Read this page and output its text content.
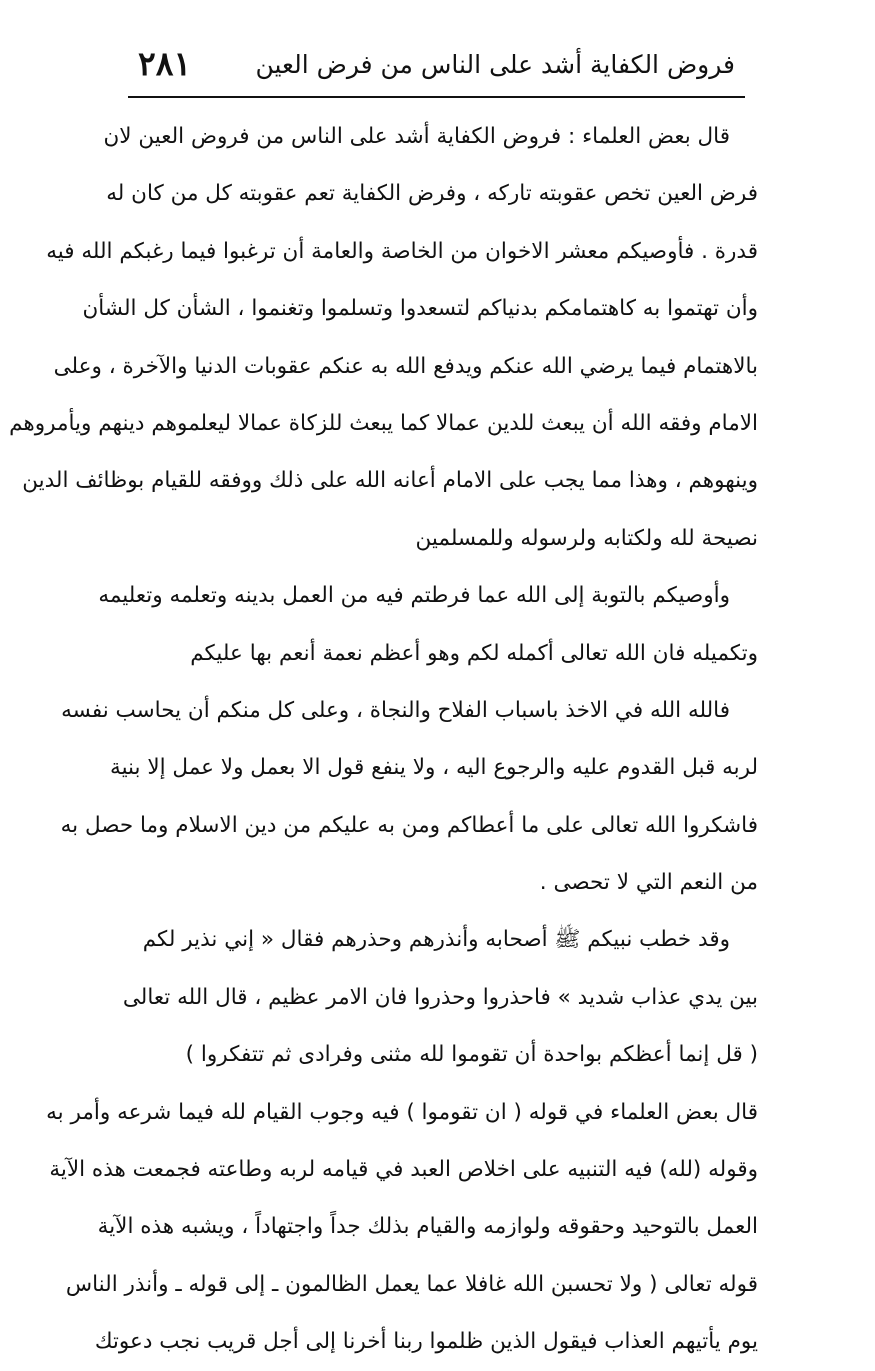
فروض الكفاية أشد على الناس من فرض العين
٢٨١
قال بعض العلماء : فروض الكفاية أشد على الناس من فروض العين لان
فرض العين تخص عقوبته تاركه ، وفرض الكفاية تعم عقوبته كل من كان له
قدرة . فأوصيكم معشر الاخوان من الخاصة والعامة أن ترغبوا فيما رغبكم الله فيه
وأن تهتموا به كاهتمامكم بدنياكم لتسعدوا وتسلموا وتغنموا ، الشأن كل الشأن
بالاهتمام فيما يرضي الله عنكم ويدفع الله به عنكم عقوبات الدنيا والآخرة ، وعلى
الامام وفقه الله أن يبعث للدين عمالا كما يبعث للزكاة عمالا ليعلموهم دينهم ويأمروهم
وينهوهم ، وهذا مما يجب على الامام أعانه الله على ذلك ووفقه للقيام بوظائف الدين
نصيحة لله ولكتابه ولرسوله وللمسلمين
وأوصيكم بالتوبة إلى الله عما فرطتم فيه من العمل بدينه وتعلمه وتعليمه
وتكميله فان الله تعالى أكمله لكم وهو أعظم نعمة أنعم بها عليكم
فالله الله في الاخذ باسباب الفلاح والنجاة ، وعلى كل منكم أن يحاسب نفسه
لربه قبل القدوم عليه والرجوع اليه ، ولا ينفع قول الا بعمل ولا عمل إلا بنية
فاشكروا الله تعالى على ما أعطاكم ومن به عليكم من دين الاسلام وما حصل به
من النعم التي لا تحصى .
وقد خطب نبيكم ﷺ أصحابه وأنذرهم وحذرهم فقال « إني نذير لكم
بين يدي عذاب شديد » فاحذروا وحذروا فان الامر عظيم ، قال الله تعالى
( قل إنما أعظكم بواحدة أن تقوموا لله مثنى وفرادى ثم تتفكروا )
قال بعض العلماء في قوله ( ان تقوموا ) فيه وجوب القيام لله فيما شرعه وأمر به
وقوله (لله) فيه التنبيه على اخلاص العبد في قيامه لربه وطاعته فجمعت هذه الآية
العمل بالتوحيد وحقوقه ولوازمه والقيام بذلك جداً واجتهاداً ، ويشبه هذه الآية
قوله تعالى ( ولا تحسبن الله غافلا عما يعمل الظالمون ـ إلى قوله ـ وأنذر الناس
يوم يأتيهم العذاب فيقول الذين ظلموا ربنا أخرنا إلى أجل قريب نجب دعوتك
